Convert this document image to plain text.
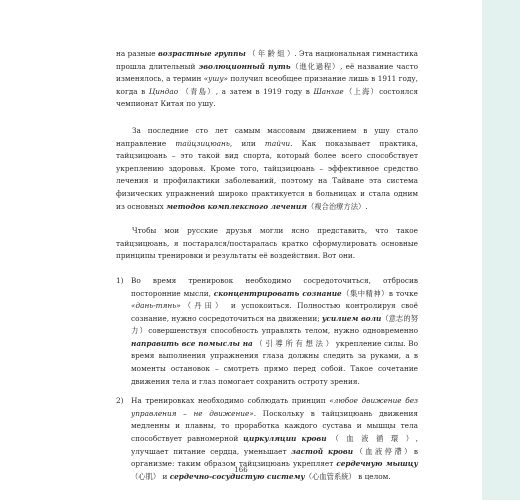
на разные возрастные группы （ 年 齢 組 ）. Эта национальная гимнастика прошла длительный эволюционный путь（進化過程）, её название часто изменялось, а термин «ушу» получил всеобщее признание лишь в 1911 году, когда в Циндао （青島）, а затем в 1919 году в Шанхае（上海）состоялся чемпионат Китая по ушу.

За последние сто лет самым массовым движением в ушу стало направление тайцзицюань, или тайчи. Как показывает практика, тайцзицюань – это такой вид спорта, который более всего способствует укреплению здоровья. Кроме того, тайцзицюань – эффективное средство лечения и профилактики заболеваний, поэтому на Тайване эта система физических упражнений широко практикуется в больницах и стала одним из основных методов комплексного лечения（複合治療方法）.

Чтобы мои русские друзья могли ясно представить, что такое тайцзицюань, я постарался/постаралась кратко сформулировать основные принципы тренировки и результаты её воздействия. Вот они.

1)	Во время тренировок необходимо сосредоточиться, отбросив посторонние мысли, сконцентрировать сознание（集中精神）в точке «дань-тянь»（丹田） и успокоиться. Полностью контролируя своё сознание, нужно сосредоточиться на движении; усилием воли（意志的努力）совершенствуя способность управлять телом, нужно одновременно направить все помыслы на （ 引 導 所 有 想 法 ） укрепление силы. Во время выполнения упражнения глаза должны следить за руками, а в моменты остановок – смотреть прямо перед собой. Такое сочетание движения тела и глаз помогает сохранить остроту зрения.
2)	На тренировках необходимо соблюдать принцип «любое движение без управления – не движение». Поскольку в тайцзицюань движения медленны и плавны, то проработка каждого сустава и мышцы тела способствует равномерной циркуляции крови （ 血 液 循 環 ）, улучшает питание сердца, уменьшает застой крови（血液停滯）в организме: таким образом тайцзицюань укрепляет сердечную мышцу （心肌） и сердечно-сосудистую систему（心血管系統） в целом.
166
